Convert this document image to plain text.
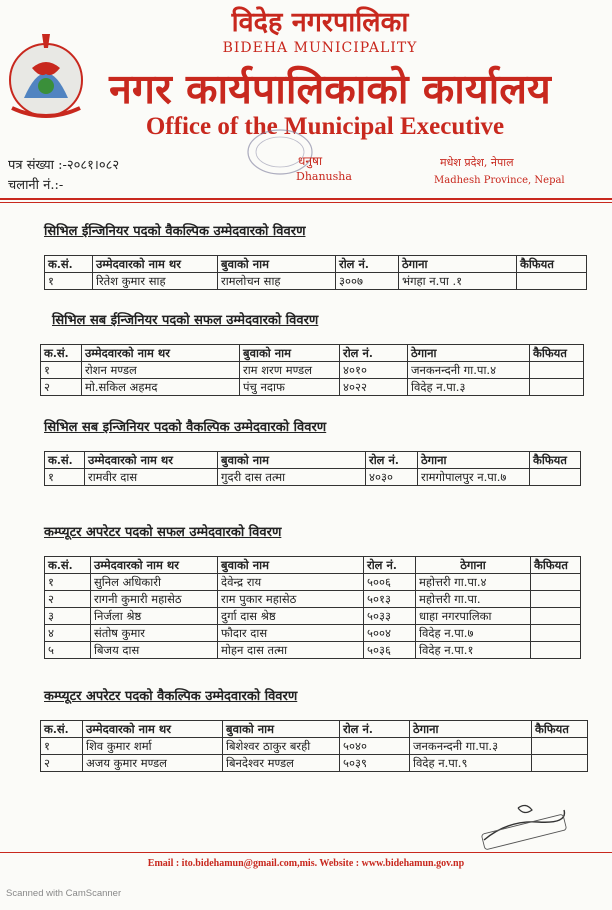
विदेह नगरपालिका
BIDEHA MUNICIPALITY
नगर कार्यपालिकाको कार्यालय
Office of the Municipal Executive
धनुषा
Dhanusha
मधेश प्रदेश, नेपाल
Madhesh Province, Nepal
पत्र संख्या :-२०८१।०८२
चलानी नं.:-
सिभिल ईन्जिनियर पदको वैकल्पिक उम्मेदवारको विवरण
क.सं.	उम्मेदवारको नाम थर	बुवाको नाम	रोल नं.	ठेगाना	कैफियत
१	रितेश कुमार साह	रामलोचन साह	३००७	भंगहा न.पा .१	
सिभिल सब ईन्जिनियर पदको सफल उम्मेदवारको विवरण
क.सं.	उम्मेदवारको नाम थर	बुवाको नाम	रोल नं.	ठेगाना	कैफियत
१	रोशन मण्डल	राम शरण मण्डल	४०१०	जनकनन्दनी गा.पा.४	
२	मो.सकिल अहमद	पंचु नदाफ	४०२२	विदेह न.पा.३	
सिभिल सब इन्जिनियर पदको वैकल्पिक उम्मेदवारको विवरण
क.सं.	उम्मेदवारको नाम थर	बुवाको नाम	रोल नं.	ठेगाना	कैफियत
१	रामवीर दास	गुदरी दास तत्मा	४०३०	रामगोपालपुर न.पा.७	
कम्प्यूटर अपरेटर पदको सफल उम्मेदवारको विवरण
क.सं.	उम्मेदवारको नाम थर	बुवाको नाम	रोल नं.	ठेगाना	कैफियत
१	सुनिल अधिकारी	देवेन्द्र राय	५००६	महोत्तरी गा.पा.४	
२	रागनी कुमारी महासेठ	राम पुकार महासेठ	५०१३	महोत्तरी गा.पा.	
३	निर्जला श्रेष्ठ	दुर्गा दास श्रेष्ठ	५०३३	धाहा नगरपालिका	
४	संतोष कुमार	फौदार दास	५००४	विदेह न.पा.७	
५	बिजय दास	मोहन दास तत्मा	५०३६	विदेह न.पा.१	
कम्प्यूटर अपरेटर पदको वैकल्पिक उम्मेदवारको विवरण
क.सं.	उम्मेदवारको नाम थर	बुवाको नाम	रोल नं.	ठेगाना	कैफियत
१	शिव कुमार शर्मा	बिशेश्वर ठाकुर बरही	५०४०	जनकनन्दनी गा.पा.३	
२	अजय कुमार मण्डल	बिनदेश्वर मण्डल	५०३९	विदेह न.पा.९	
Email : ito.bidehamun@gmail.com,mis. Website : www.bidehamun.gov.np
Scanned with CamScanner
